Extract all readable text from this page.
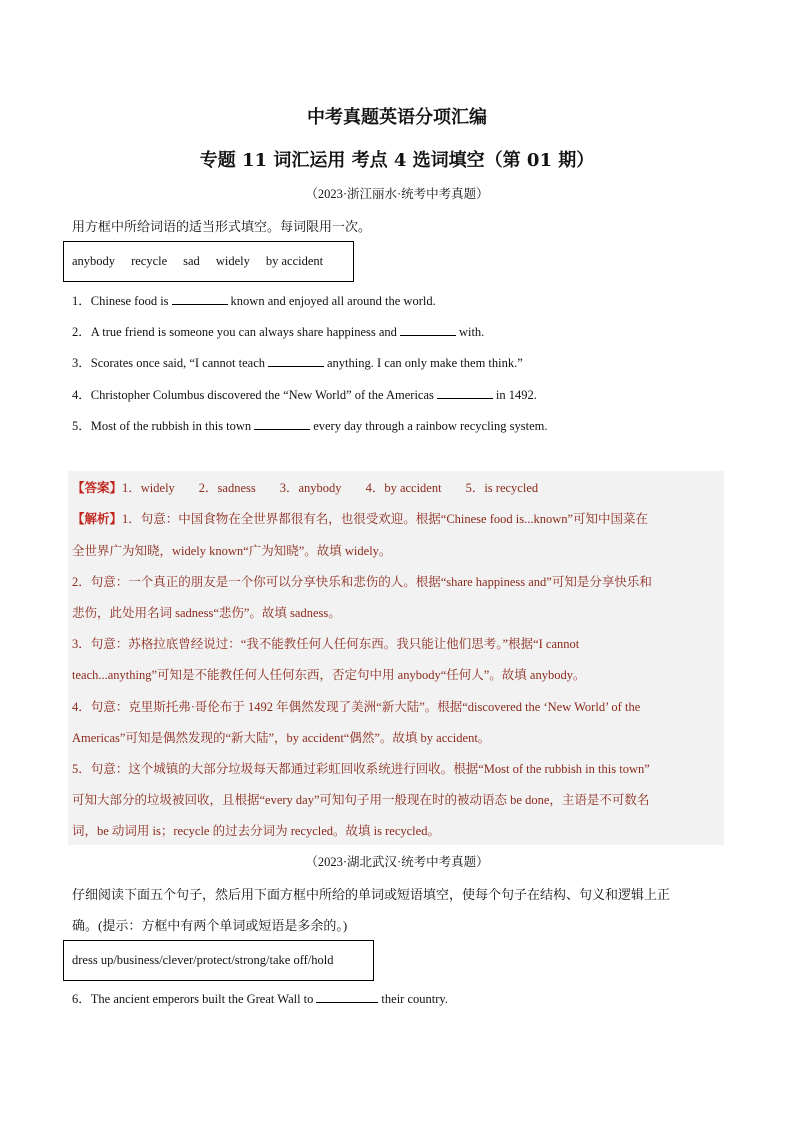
中考真题英语分项汇编
专题 11 词汇运用 考点 4 选词填空（第 01 期）
（2023·浙江丽水·统考中考真题）
用方框中所给词语的适当形式填空。每词限用一次。
anybody recycle sad widely by accident
1．Chinese food is	known and enjoyed all around the world.
2．A true friend is someone you can always share happiness and	with.
3．Scorates once said, “I cannot teach	anything. I can only make them think.”
4．Christopher Columbus discovered the “New World” of the Americas	in 1492.
5．Most of the rubbish in this town	every day through a rainbow recycling system.
【答案】1．widely 2．sadness 3．anybody 4．by accident 5．is recycled
【解析】1．句意：中国食物在全世界都很有名，也很受欢迎。根据“Chinese food is...known”可知中国菜在
全世界广为知晓，widely known“广为知晓”。故填 widely。
2．句意：一个真正的朋友是一个你可以分享快乐和悲伤的人。根据“share happiness and”可知是分享快乐和
悲伤，此处用名词 sadness“悲伤”。故填 sadness。
3．句意：苏格拉底曾经说过：“我不能教任何人任何东西。我只能让他们思考。”根据“I cannot
teach...anything”可知是不能教任何人任何东西，否定句中用 anybody“任何人”。故填 anybody。
4．句意：克里斯托弗·哥伦布于 1492 年偶然发现了美洲“新大陆”。根据“discovered the ‘New World’ of the
Americas”可知是偶然发现的“新大陆”，by accident“偶然”。故填 by accident。
5．句意：这个城镇的大部分垃圾每天都通过彩虹回收系统进行回收。根据“Most of the rubbish in this town”
可知大部分的垃圾被回收，且根据“every day”可知句子用一般现在时的被动语态 be done，主语是不可数名
词，be 动词用 is；recycle 的过去分词为 recycled。故填 is recycled。
（2023·湖北武汉·统考中考真题）
仔细阅读下面五个句子，然后用下面方框中所给的单词或短语填空，使每个句子在结构、句义和逻辑上正
确。(提示：方框中有两个单词或短语是多余的。)
dress up/business/clever/protect/strong/take off/hold
6．The ancient emperors built the Great Wall to	their country.
